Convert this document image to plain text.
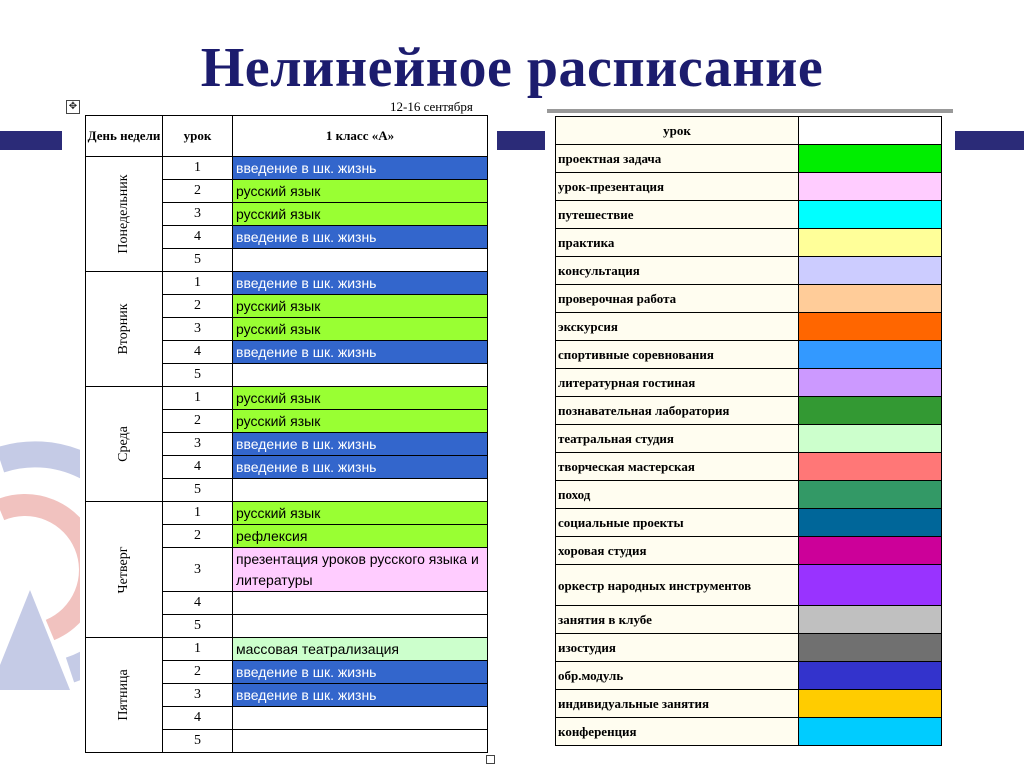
Нелинейное расписание
✥	12-16 сентября
День недели	урок	1 класс «А»

Понедельник	1	введение в шк. жизнь
	2	русский язык
	3	русский язык
	4	введение в шк. жизнь
	5	

Вторник	1	введение в шк. жизнь
	2	русский язык
	3	русский язык
	4	введение в шк. жизнь
	5	

Среда	1	русский язык
	2	русский язык
	3	введение в шк. жизнь
	4	введение в шк. жизнь
	5	

Четверг	1	русский язык
	2	рефлексия
	3	презентация уроков русского языка и литературы
	4	
	5	

Пятница	1	массовая театрализация
	2	введение в шк. жизнь
	3	введение в шк. жизнь
	4	
	5	
урок	
проектная задача	
урок-презентация	
путешествие	
практика	
консультация	
проверочная работа	
экскурсия	
спортивные соревнования	
литературная гостиная	
познавательная лаборатория	
театральная студия	
творческая мастерская	
поход	
социальные проекты	
хоровая студия	
оркестр народных инструментов	
занятия в клубе	
изостудия	
обр.модуль	
индивидуальные занятия	
конференция	
